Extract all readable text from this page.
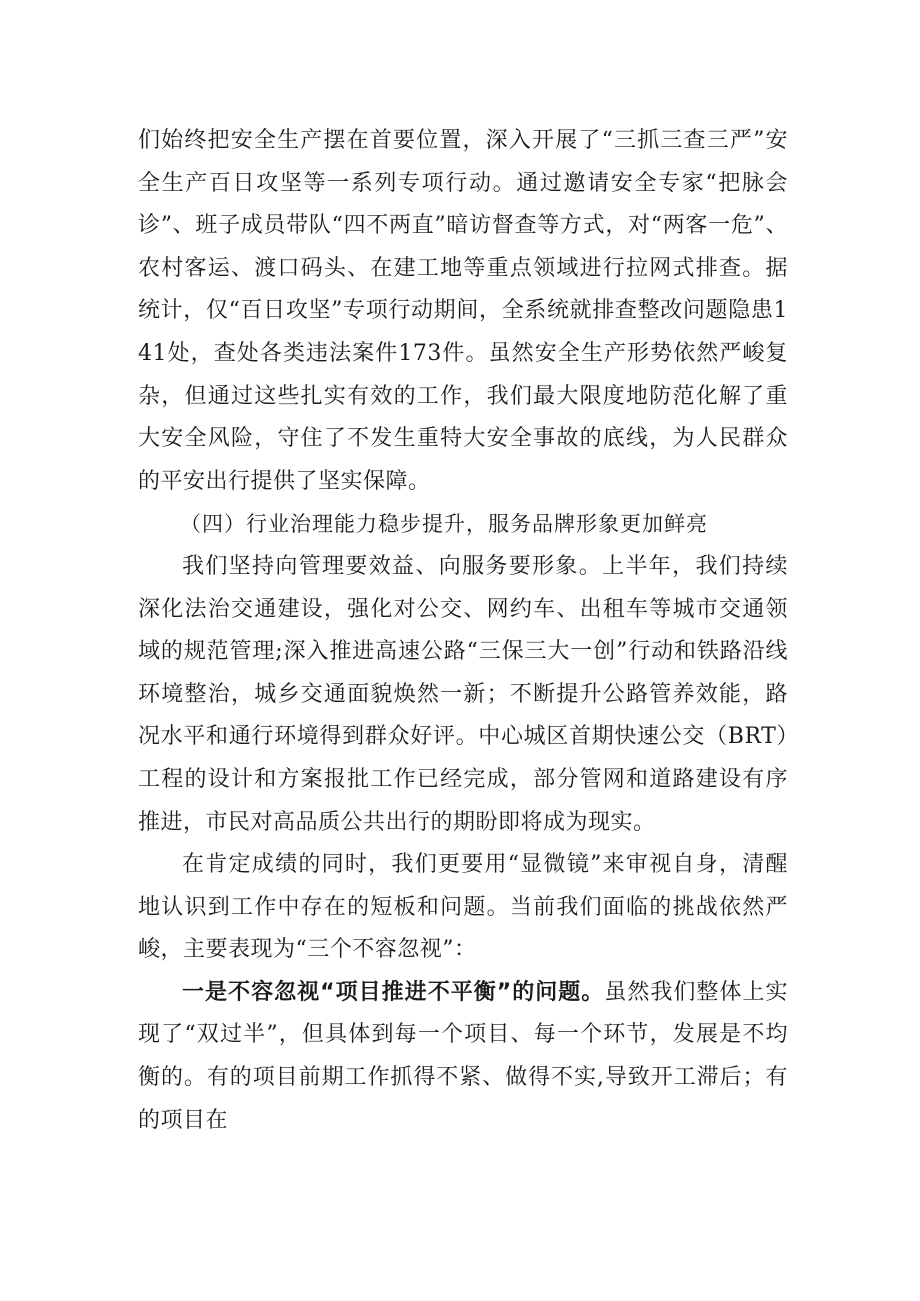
们始终把安全生产摆在首要位置，深入开展了“三抓三查三严”安全生产百日攻坚等一系列专项行动。通过邀请安全专家“把脉会诊”、班子成员带队“四不两直”暗访督查等方式，对“两客一危”、农村客运、渡口码头、在建工地等重点领域进行拉网式排查。据统计，仅“百日攻坚”专项行动期间，全系统就排查整改问题隐患141处，查处各类违法案件173件。虽然安全生产形势依然严峻复杂，但通过这些扎实有效的工作，我们最大限度地防范化解了重大安全风险，守住了不发生重特大安全事故的底线，为人民群众的平安出行提供了坚实保障。

（四）行业治理能力稳步提升，服务品牌形象更加鲜亮

我们坚持向管理要效益、向服务要形象。上半年，我们持续深化法治交通建设，强化对公交、网约车、出租车等城市交通领域的规范管理;深入推进高速公路“三保三大一创”行动和铁路沿线环境整治，城乡交通面貌焕然一新；不断提升公路管养效能，路况水平和通行环境得到群众好评。中心城区首期快速公交（BRT）工程的设计和方案报批工作已经完成，部分管网和道路建设有序推进，市民对高品质公共出行的期盼即将成为现实。

在肯定成绩的同时，我们更要用“显微镜”来审视自身，清醒地认识到工作中存在的短板和问题。当前我们面临的挑战依然严峻，主要表现为“三个不容忽视”：

一是不容忽视“项目推进不平衡”的问题。虽然我们整体上实现了“双过半”，但具体到每一个项目、每一个环节，发展是不均衡的。有的项目前期工作抓得不紧、做得不实,导致开工滞后；有的项目在
